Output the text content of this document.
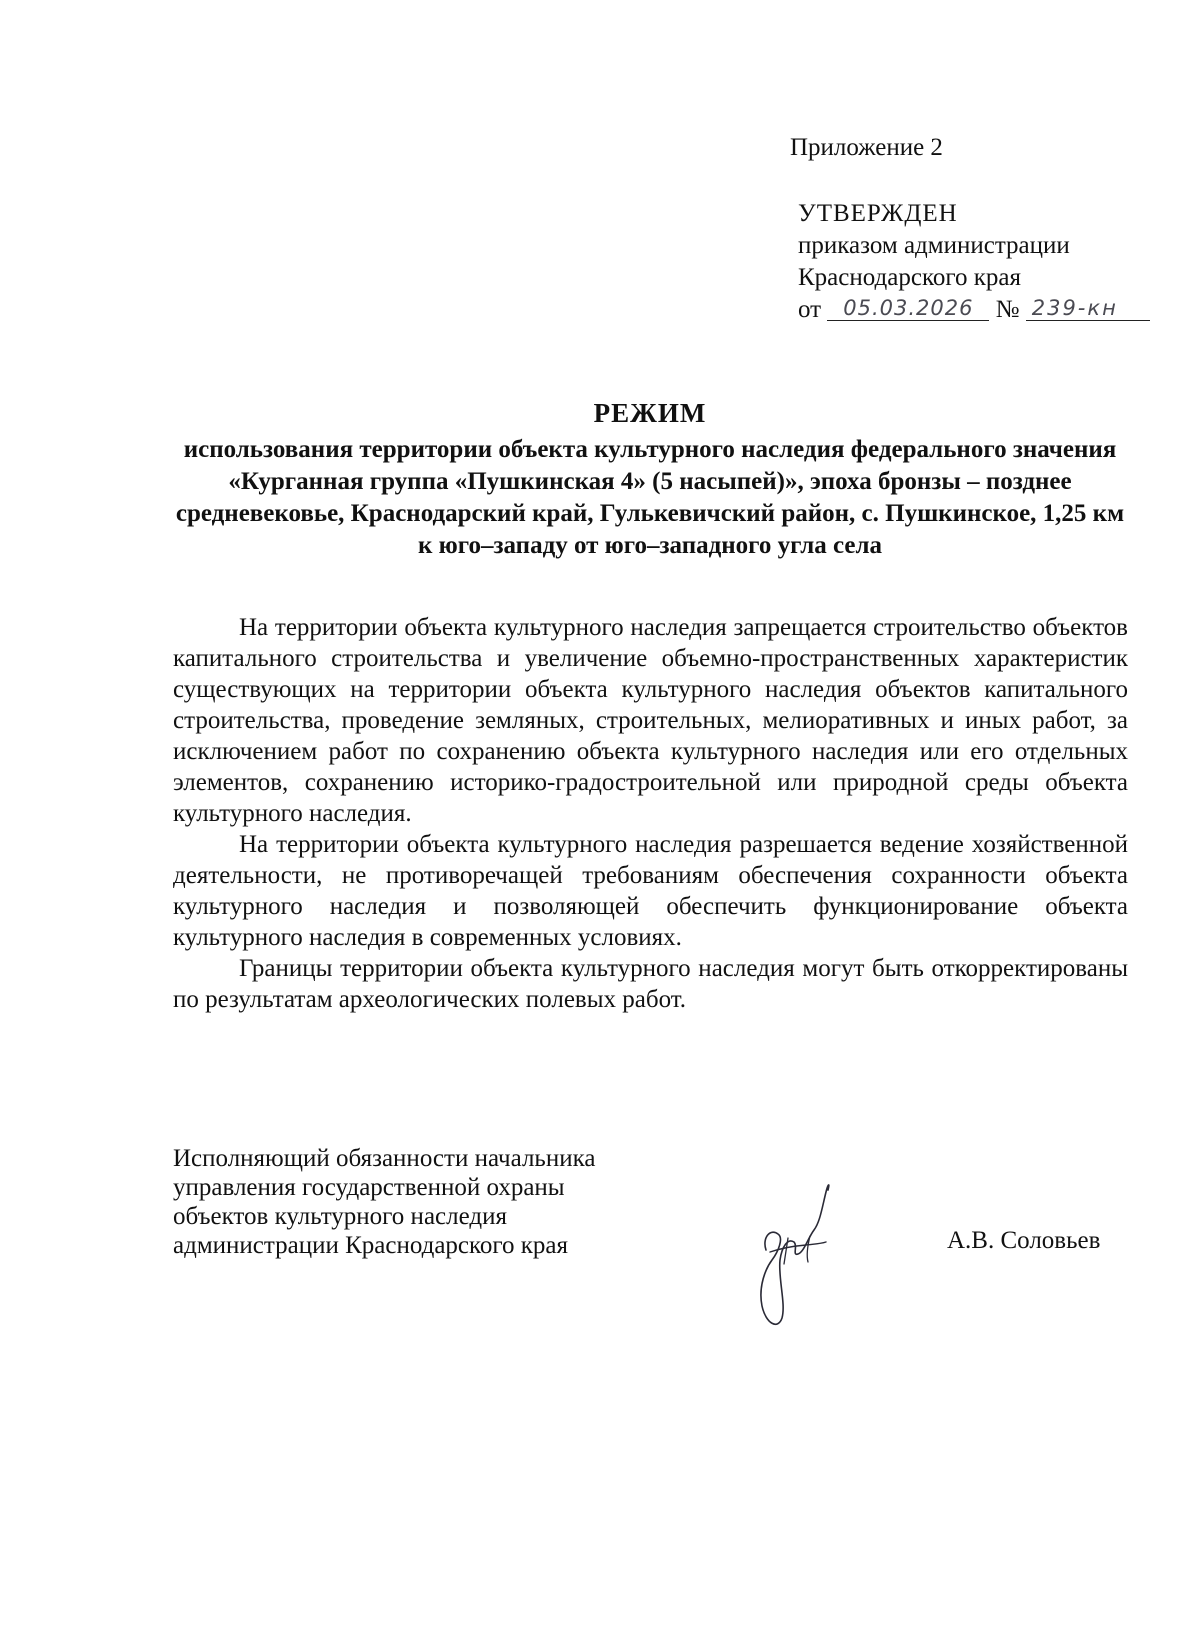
Приложение 2
УТВЕРЖДЕН
приказом администрации
Краснодарского края
от 05.03.2026 № 239-кн
РЕЖИМ
использования территории объекта культурного наследия федерального значения «Курганная группа «Пушкинская 4» (5 насыпей)», эпоха бронзы – позднее средневековье, Краснодарский край, Гулькевичский район, с. Пушкинское, 1,25 км к юго–западу от юго–западного угла села

На территории объекта культурного наследия запрещается строительство объектов капитального строительства и увеличение объемно-пространственных характеристик существующих на территории объекта культурного наследия объектов капитального строительства, проведение земляных, строительных, мелиоративных и иных работ, за исключением работ по сохранению объекта культурного наследия или его отдельных элементов, сохранению историко-градостроительной или природной среды объекта культурного наследия.

На территории объекта культурного наследия разрешается ведение хозяйственной деятельности, не противоречащей требованиям обеспечения сохранности объекта культурного наследия и позволяющей обеспечить функционирование объекта культурного наследия в современных условиях.

Границы территории объекта культурного наследия могут быть откорректированы по результатам археологических полевых работ.

Исполняющий обязанности начальника
управления государственной охраны
объектов культурного наследия
администрации Краснодарского края	А.В. Соловьев
